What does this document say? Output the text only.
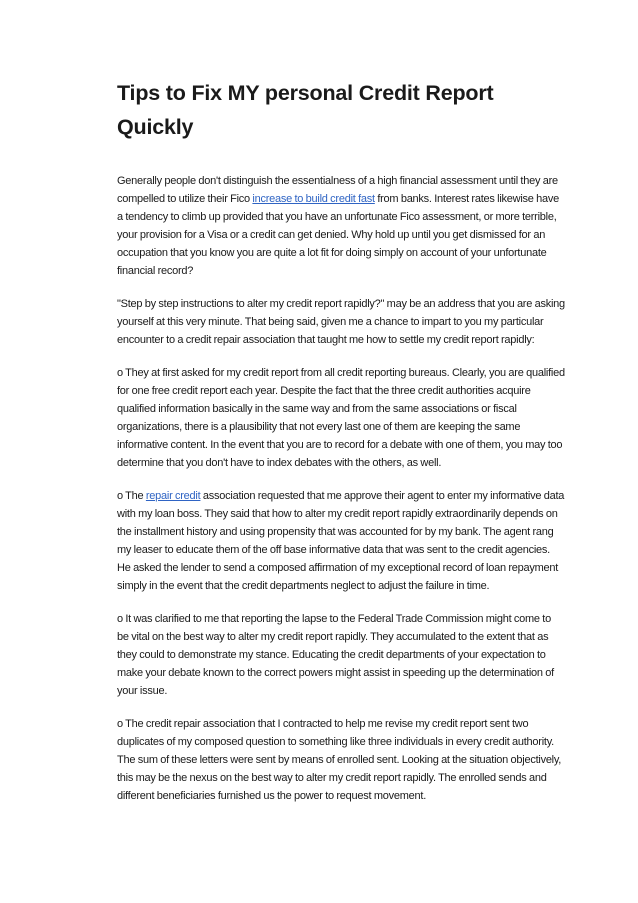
Tips to Fix MY personal Credit Report Quickly

Generally people don't distinguish the essentialness of a high financial assessment until they are compelled to utilize their Fico increase to build credit fast from banks. Interest rates likewise have a tendency to climb up provided that you have an unfortunate Fico assessment, or more terrible, your provision for a Visa or a credit can get denied. Why hold up until you get dismissed for an occupation that you know you are quite a lot fit for doing simply on account of your unfortunate financial record?

"Step by step instructions to alter my credit report rapidly?" may be an address that you are asking yourself at this very minute. That being said, given me a chance to impart to you my particular encounter to a credit repair association that taught me how to settle my credit report rapidly:

o They at first asked for my credit report from all credit reporting bureaus. Clearly, you are qualified for one free credit report each year. Despite the fact that the three credit authorities acquire qualified information basically in the same way and from the same associations or fiscal organizations, there is a plausibility that not every last one of them are keeping the same informative content. In the event that you are to record for a debate with one of them, you may too determine that you don't have to index debates with the others, as well.

o The repair credit association requested that me approve their agent to enter my informative data with my loan boss. They said that how to alter my credit report rapidly extraordinarily depends on the installment history and using propensity that was accounted for by my bank. The agent rang my leaser to educate them of the off base informative data that was sent to the credit agencies. He asked the lender to send a composed affirmation of my exceptional record of loan repayment simply in the event that the credit departments neglect to adjust the failure in time.

o It was clarified to me that reporting the lapse to the Federal Trade Commission might come to be vital on the best way to alter my credit report rapidly. They accumulated to the extent that as they could to demonstrate my stance. Educating the credit departments of your expectation to make your debate known to the correct powers might assist in speeding up the determination of your issue.

o The credit repair association that I contracted to help me revise my credit report sent two duplicates of my composed question to something like three individuals in every credit authority. The sum of these letters were sent by means of enrolled sent. Looking at the situation objectively, this may be the nexus on the best way to alter my credit report rapidly. The enrolled sends and different beneficiaries furnished us the power to request movement.
